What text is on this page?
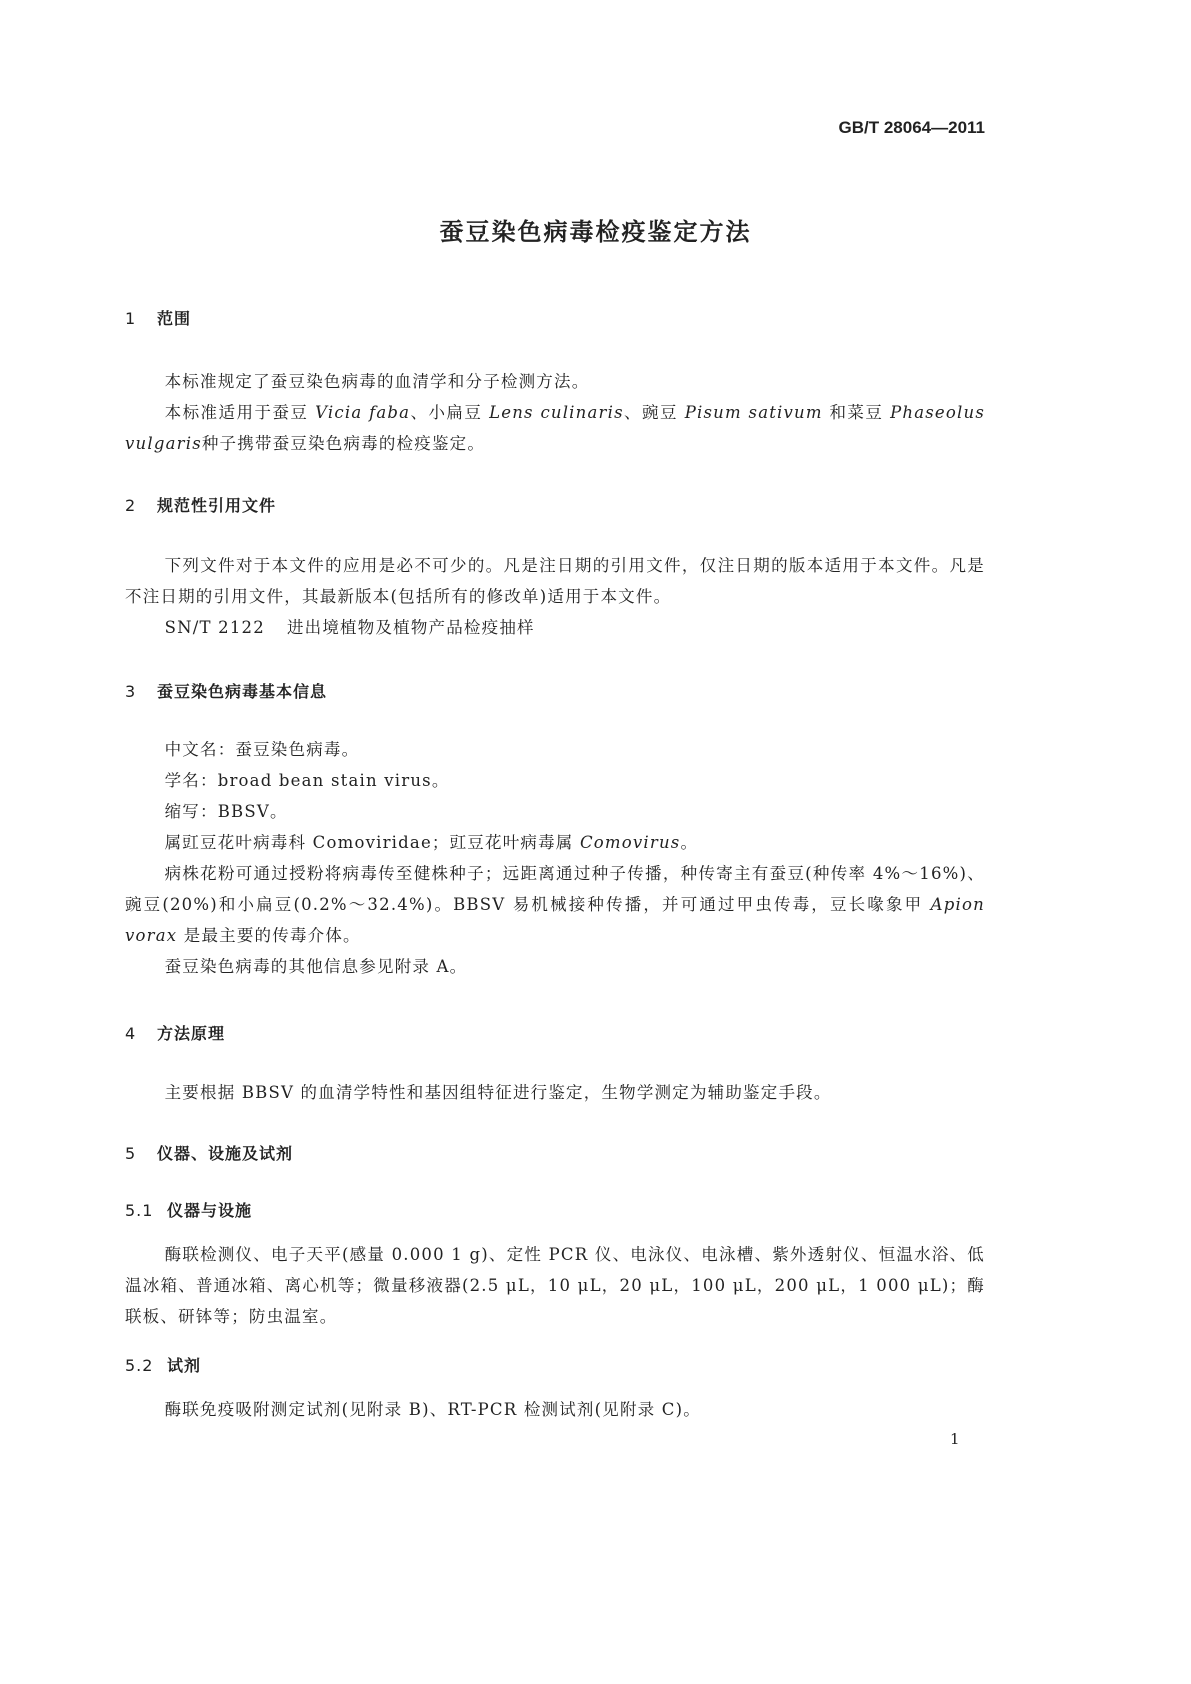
GB/T 28064—2011
蚕豆染色病毒检疫鉴定方法
1 范围
本标准规定了蚕豆染色病毒的血清学和分子检测方法。
本标准适用于蚕豆 Vicia faba、小扁豆 Lens culinaris、豌豆 Pisum sativum 和菜豆 Phaseolus vulgaris种子携带蚕豆染色病毒的检疫鉴定。
2 规范性引用文件
下列文件对于本文件的应用是必不可少的。凡是注日期的引用文件，仅注日期的版本适用于本文件。凡是不注日期的引用文件，其最新版本(包括所有的修改单)适用于本文件。
SN/T 2122 进出境植物及植物产品检疫抽样
3 蚕豆染色病毒基本信息
中文名：蚕豆染色病毒。
学名：broad bean stain virus。
缩写：BBSV。
属豇豆花叶病毒科 Comoviridae；豇豆花叶病毒属 Comovirus。
病株花粉可通过授粉将病毒传至健株种子；远距离通过种子传播，种传寄主有蚕豆(种传率 4%～16%)、豌豆(20%)和小扁豆(0.2%～32.4%)。BBSV 易机械接种传播，并可通过甲虫传毒，豆长喙象甲 Apion vorax 是最主要的传毒介体。
蚕豆染色病毒的其他信息参见附录 A。
4 方法原理
主要根据 BBSV 的血清学特性和基因组特征进行鉴定，生物学测定为辅助鉴定手段。
5 仪器、设施及试剂
5.1 仪器与设施
酶联检测仪、电子天平(感量 0.000 1 g)、定性 PCR 仪、电泳仪、电泳槽、紫外透射仪、恒温水浴、低温冰箱、普通冰箱、离心机等；微量移液器(2.5 μL，10 μL，20 μL，100 μL，200 μL，1 000 μL)；酶联板、研钵等；防虫温室。
5.2 试剂
酶联免疫吸附测定试剂(见附录 B)、RT-PCR 检测试剂(见附录 C)。
1
